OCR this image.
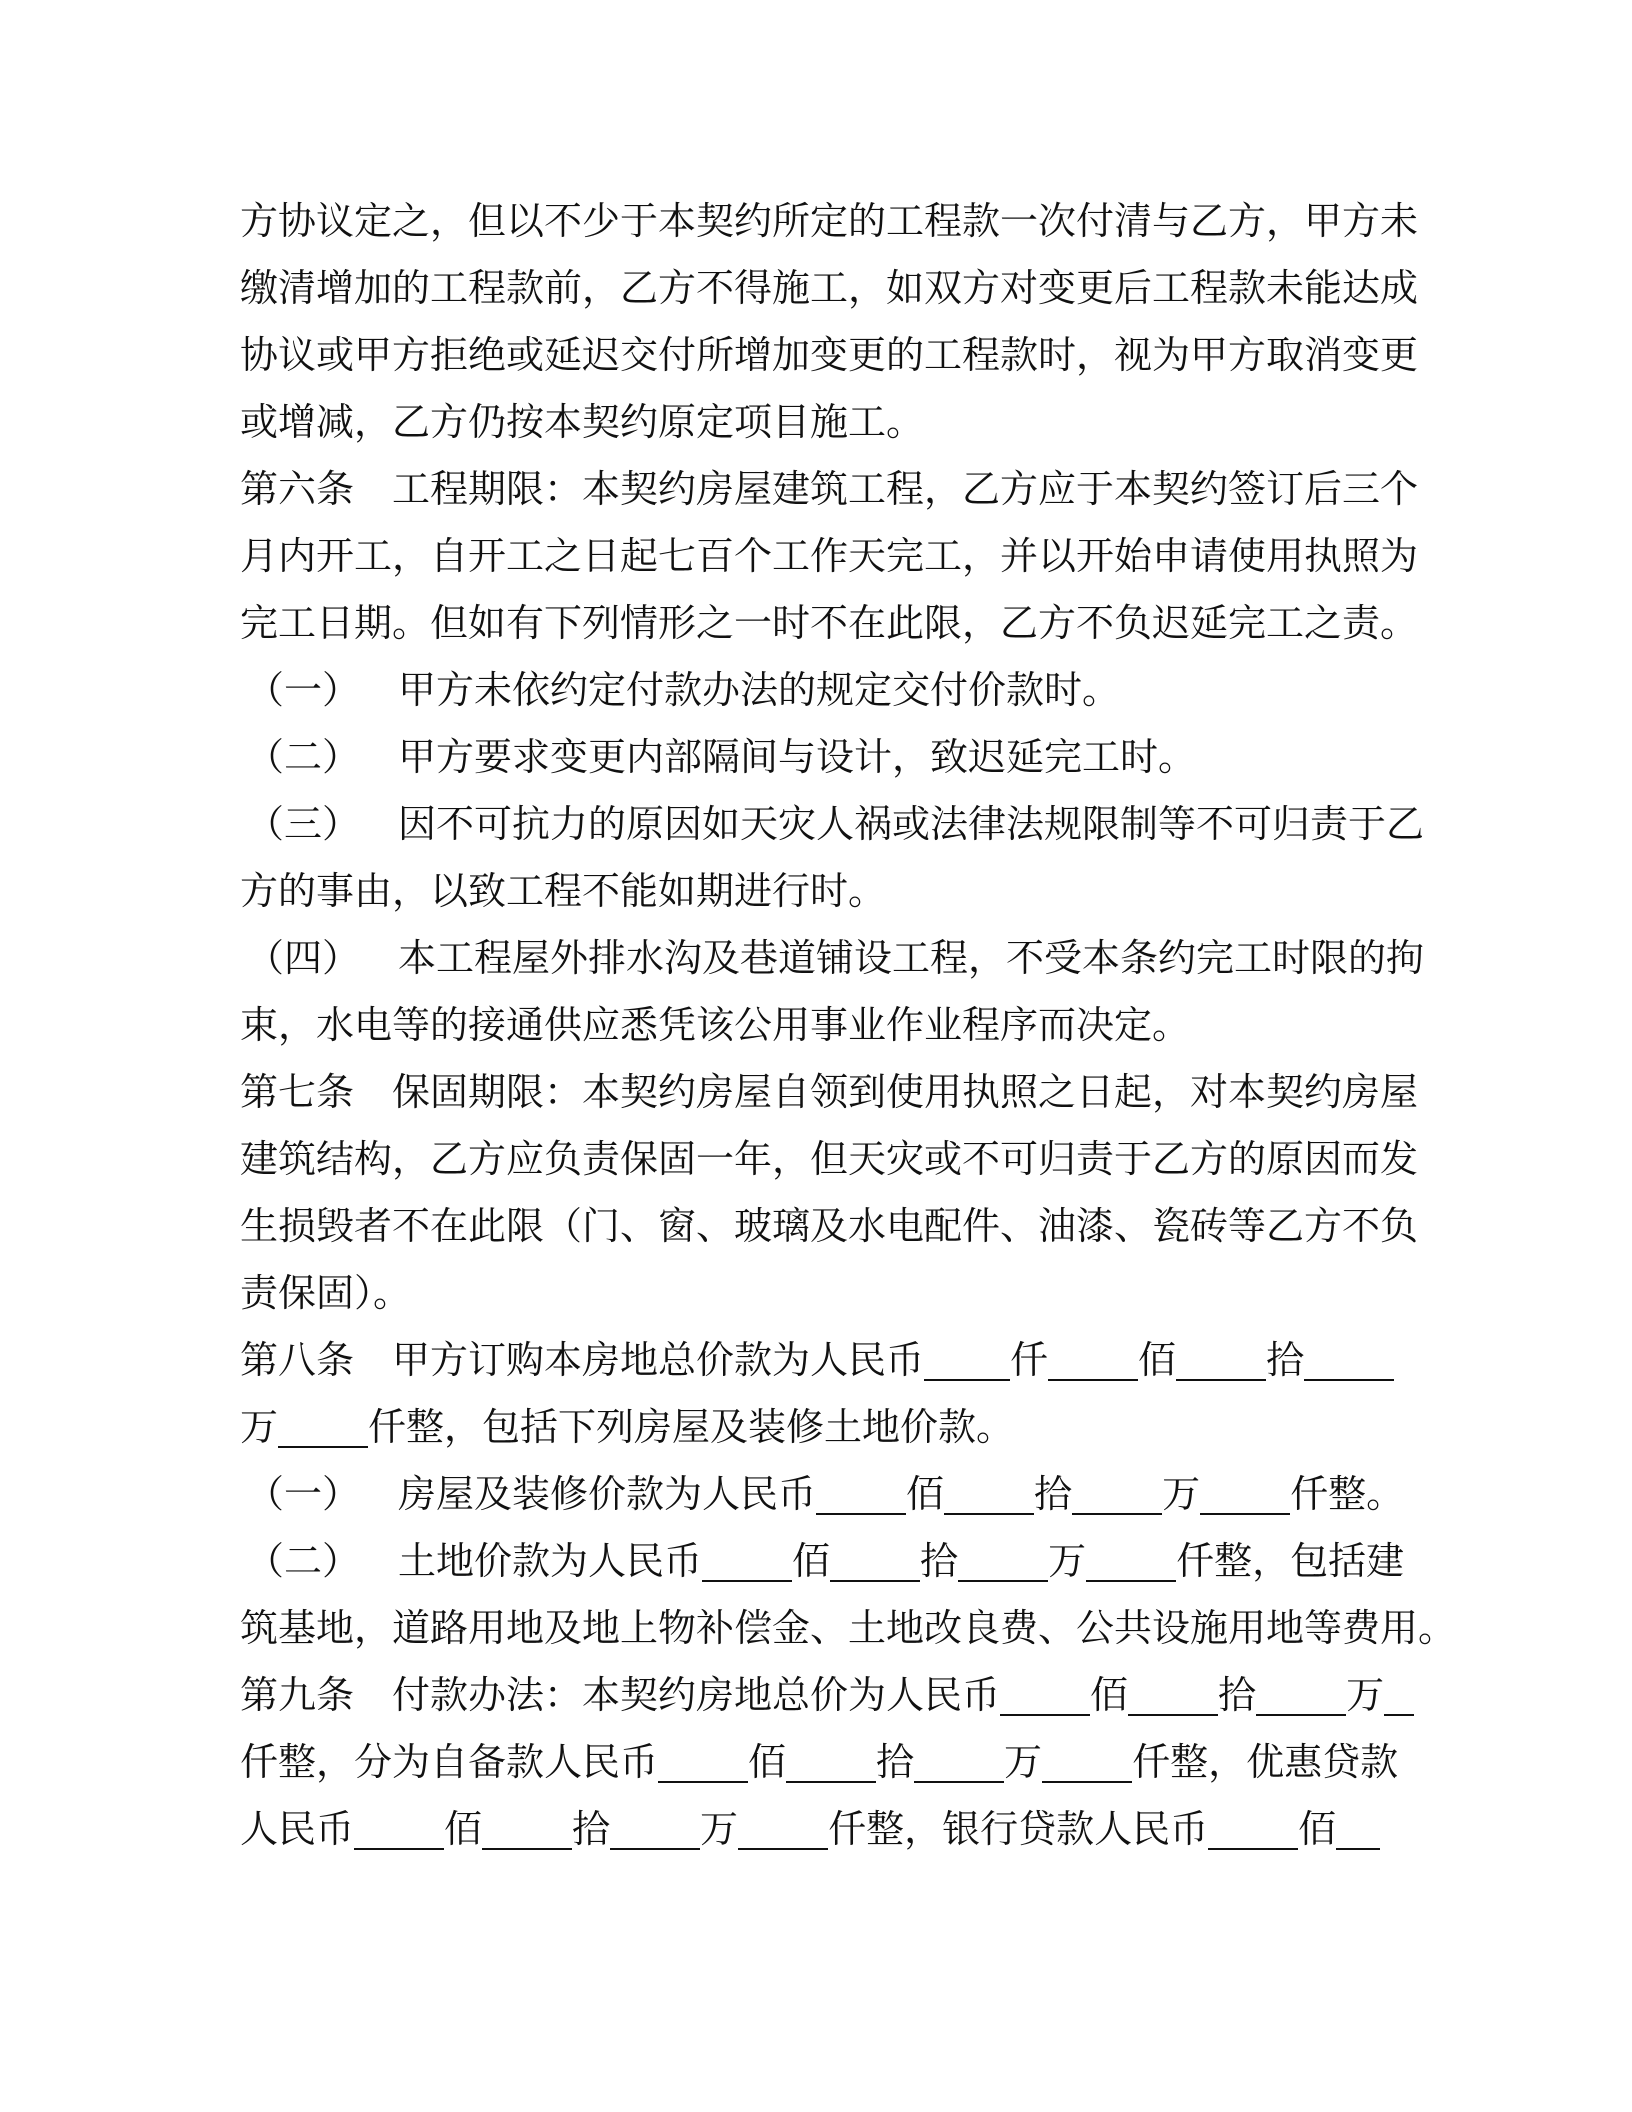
方协议定之，但以不少于本契约所定的工程款一次付清与乙方，甲方未
缴清增加的工程款前，乙方不得施工，如双方对变更后工程款未能达成
协议或甲方拒绝或延迟交付所增加变更的工程款时，视为甲方取消变更
或增减，乙方仍按本契约原定项目施工。
第六条 工程期限：本契约房屋建筑工程，乙方应于本契约签订后三个
月内开工，自开工之日起七百个工作天完工，并以开始申请使用执照为
完工日期。但如有下列情形之一时不在此限，乙方不负迟延完工之责。
（一） 甲方未依约定付款办法的规定交付价款时。
（二） 甲方要求变更内部隔间与设计，致迟延完工时。
（三） 因不可抗力的原因如天灾人祸或法律法规限制等不可归责于乙
方的事由，以致工程不能如期进行时。
（四） 本工程屋外排水沟及巷道铺设工程，不受本条约完工时限的拘
束，水电等的接通供应悉凭该公用事业作业程序而决定。
第七条 保固期限：本契约房屋自领到使用执照之日起，对本契约房屋
建筑结构，乙方应负责保固一年，但天灾或不可归责于乙方的原因而发
生损毁者不在此限（门、窗、玻璃及水电配件、油漆、瓷砖等乙方不负
责保固）。
第八条 甲方订购本房地总价款为人民币 仟 佰 拾
万 仟整，包括下列房屋及装修土地价款。
（一） 房屋及装修价款为人民币 佰 拾 万 仟整。
（二） 土地价款为人民币 佰 拾 万 仟整，包括建
筑基地，道路用地及地上物补偿金、土地改良费、公共设施用地等费用。
第九条 付款办法：本契约房地总价为人民币 佰 拾 万
仟整，分为自备款人民币 佰 拾 万 仟整，优惠贷款
人民币 佰 拾 万 仟整，银行贷款人民币 佰
